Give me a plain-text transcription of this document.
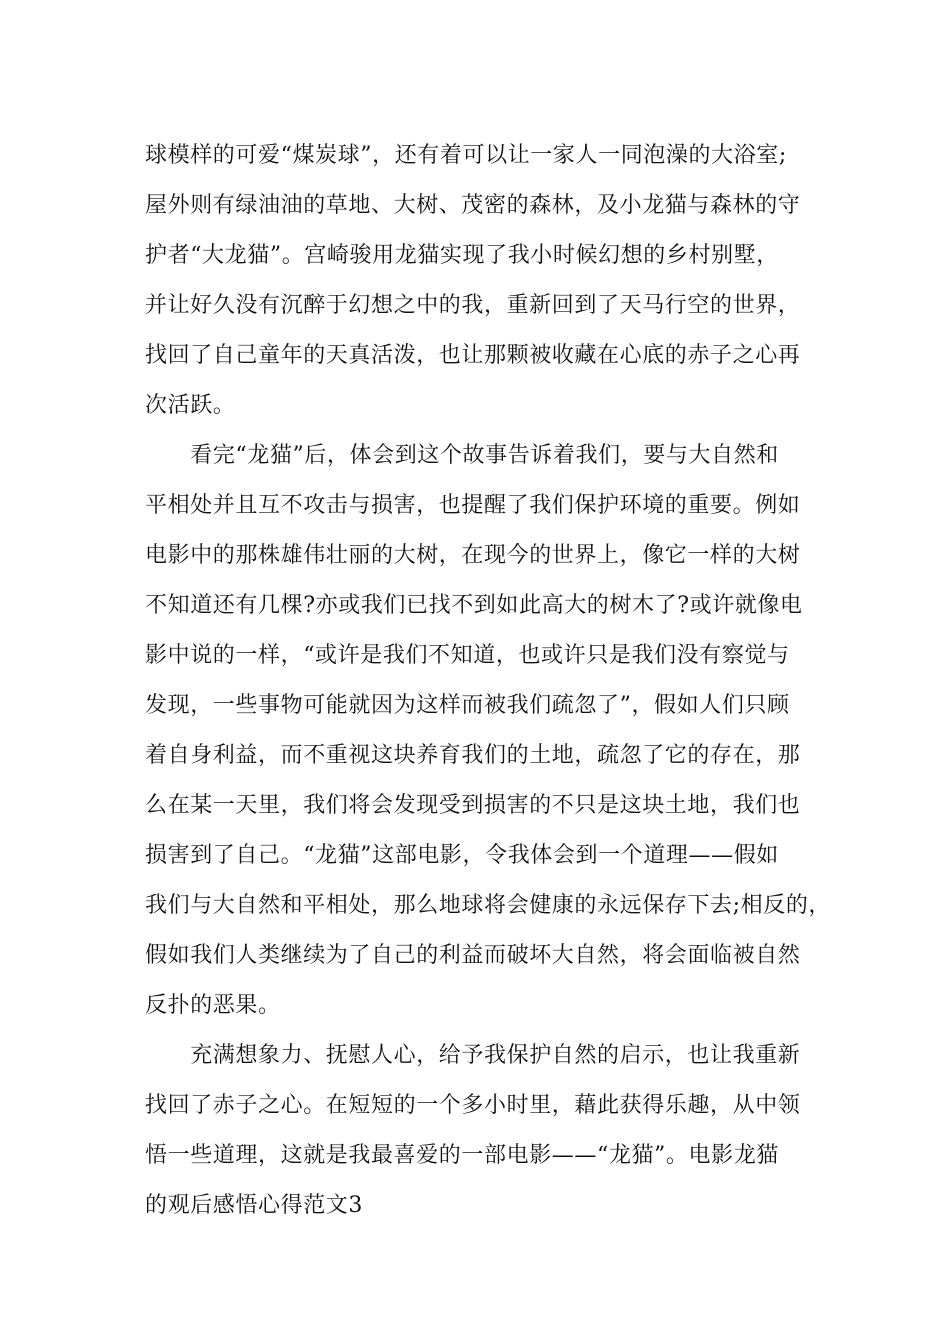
球模样的可爱“煤炭球”，还有着可以让一家人一同泡澡的大浴室;
屋外则有绿油油的草地、大树、茂密的森林，及小龙猫与森林的守
护者“大龙猫”。宫崎骏用龙猫实现了我小时候幻想的乡村别墅，
并让好久没有沉醉于幻想之中的我，重新回到了天马行空的世界，
找回了自己童年的天真活泼，也让那颗被收藏在心底的赤子之心再
次活跃。
　　看完“龙猫”后，体会到这个故事告诉着我们，要与大自然和
平相处并且互不攻击与损害，也提醒了我们保护环境的重要。例如
电影中的那株雄伟壮丽的大树，在现今的世界上，像它一样的大树
不知道还有几棵?亦或我们已找不到如此高大的树木了?或许就像电
影中说的一样，“或许是我们不知道，也或许只是我们没有察觉与
发现，一些事物可能就因为这样而被我们疏忽了”，假如人们只顾
着自身利益，而不重视这块养育我们的土地，疏忽了它的存在，那
么在某一天里，我们将会发现受到损害的不只是这块土地，我们也
损害到了自己。“龙猫”这部电影，令我体会到一个道理——假如
我们与大自然和平相处，那么地球将会健康的永远保存下去;相反的，
假如我们人类继续为了自己的利益而破坏大自然，将会面临被自然
反扑的恶果。
　　充满想象力、抚慰人心，给予我保护自然的启示，也让我重新
找回了赤子之心。在短短的一个多小时里，藉此获得乐趣，从中领
悟一些道理，这就是我最喜爱的一部电影——“龙猫”。电影龙猫
的观后感悟心得范文3
